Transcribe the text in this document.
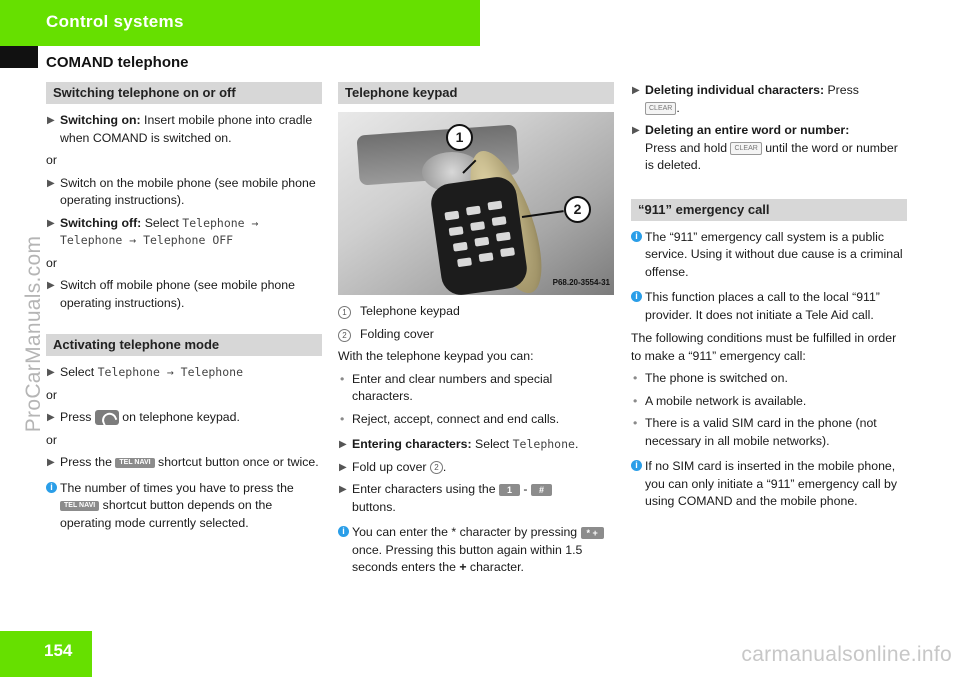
Control systems
COMAND telephone
ProCarManuals.com
Switching telephone on or off
▶ Switching on: Insert mobile phone into cradle when COMAND is switched on.
or
▶ Switch on the mobile phone (see mobile phone operating instructions).
▶ Switching off: Select Telephone → Telephone → Telephone OFF
or
▶ Switch off mobile phone (see mobile phone operating instructions).
Activating telephone mode
▶ Select Telephone → Telephone
or
▶ Press  on telephone keypad.
or
▶ Press the TEL NAVI shortcut button once or twice.
i The number of times you have to press the TEL NAVI shortcut button depends on the operating mode currently selected.
Telephone keypad
1
2
P68.20-3554-31
1	Telephone keypad
2	Folding cover
With the telephone keypad you can:
• Enter and clear numbers and special characters.
• Reject, accept, connect and end calls.
▶ Entering characters: Select Telephone.
▶ Fold up cover 2 .
▶ Enter characters using the 1 - #
buttons.
i You can enter the * character by pressing * + once. Pressing this button again within 1.5 seconds enters the + character.
▶ Deleting individual characters: Press
CLEAR .
▶ Deleting an entire word or number:
Press and hold CLEAR until the word or number is deleted.
“911” emergency call
i The “911” emergency call system is a public service. Using it without due cause is a criminal offense.
i This function places a call to the local “911” provider. It does not initiate a Tele Aid call.
The following conditions must be fulfilled in order to make a “911” emergency call:
• The phone is switched on.
• A mobile network is available.
• There is a valid SIM card in the phone (not necessary in all mobile networks).
i If no SIM card is inserted in the mobile phone, you can only initiate a “911” emergency call by using COMAND and the mobile phone.
154	carmanualsonline.info
